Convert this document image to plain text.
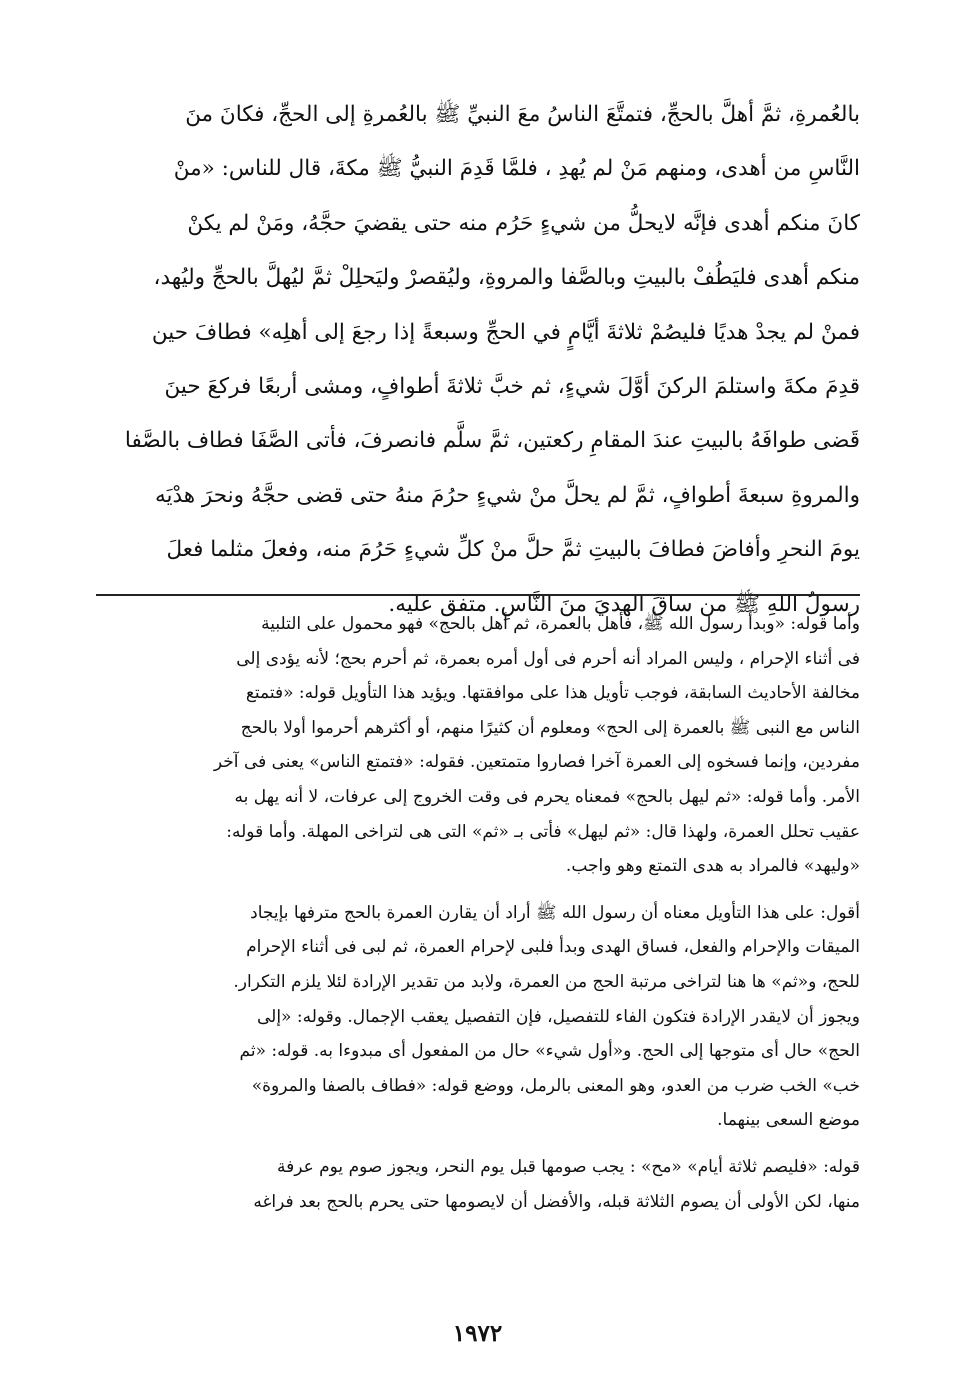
بالعُمرةِ، ثمَّ أهلَّ بالحجِّ، فتمتَّعَ الناسُ معَ النبيِّ ﷺ بالعُمرةِ إلى الحجِّ، فكانَ منَ
النَّاسِ من أهدى، ومنهم مَنْ لم يُهدِ ، فلمَّا قَدِمَ النبيُّ ﷺ مكةَ، قال للناس: «منْ
كانَ منكم أهدى فإنَّه لايحلُّ من شيءٍ حَرُم منه حتى يقضيَ حجَّهُ، ومَنْ لم يكنْ
منكم أهدى فليَطُفْ بالبيتِ وبالصَّفا والمروةِ، وليُقصرْ وليَحلِلْ ثمَّ ليُهلَّ بالحجِّ وليُهد،
فمنْ لم يجدْ هديًا فليصُمْ ثلاثةَ أيَّامٍ في الحجِّ وسبعةً إذا رجعَ إلى أهلِه» فطافَ حين
قدِمَ مكةَ واستلمَ الركنَ أوَّلَ شيءٍ، ثم خبَّ ثلاثةَ أطوافٍ، ومشى أربعًا فركعَ حينَ
قَضى طوافَهُ بالبيتِ عندَ المقامِ ركعتين، ثمَّ سلَّم فانصرفَ، فأتى الصَّفَا فطاف بالصَّفا
والمروةِ سبعةَ أطوافٍ، ثمَّ لم يحلَّ منْ شيءٍ حرُمَ منهُ حتى قضى حجَّهُ ونحرَ هدْيَه
يومَ النحرِ وأفاضَ فطافَ بالبيتِ ثمَّ حلَّ منْ كلِّ شيءٍ حَرُمَ منه، وفعلَ مثلما فعلَ
رسولُ اللهِ ﷺ من ساقَ الهديَ منَ النَّاسِ. متفق عليه.
وأما قوله: «وبدأ رسول الله ﷺ، فأهل بالعمرة، ثم أهل بالحج» فهو محمول على التلبية
فى أثناء الإحرام ، وليس المراد أنه أحرم فى أول أمره بعمرة، ثم أحرم بحج؛ لأنه يؤدى إلى
مخالفة الأحاديث السابقة، فوجب تأويل هذا على موافقتها. ويؤيد هذا التأويل قوله: «فتمتع
الناس مع النبى ﷺ بالعمرة إلى الحج» ومعلوم أن كثيرًا منهم، أو أكثرهم أحرموا أولا بالحج
مفردين، وإنما فسخوه إلى العمرة آخرا فصاروا متمتعين. فقوله: «فتمتع الناس» يعنى فى آخر
الأمر. وأما قوله: «ثم ليهل بالحج» فمعناه يحرم فى وقت الخروج إلى عرفات، لا أنه يهل به
عقيب تحلل العمرة، ولهذا قال: «ثم ليهل» فأتى بـ «ثم» التى هى لتراخى المهلة. وأما قوله:
«وليهد» فالمراد به هدى التمتع وهو واجب.
أقول: على هذا التأويل معناه أن رسول الله ﷺ أراد أن يقارن العمرة بالحج مترفها بإيجاد
الميقات والإحرام والفعل، فساق الهدى وبدأ فلبى لإحرام العمرة، ثم لبى فى أثناء الإحرام
للحج، و«ثم» ها هنا لتراخى مرتبة الحج من العمرة، ولابد من تقدير الإرادة لئلا يلزم التكرار.
ويجوز أن لايقدر الإرادة فتكون الفاء للتفصيل، فإن التفصيل يعقب الإجمال. وقوله: «إلى
الحج» حال أى متوجها إلى الحج. و«أول شيء» حال من المفعول أى مبدوءا به. قوله: «ثم
خب» الخب ضرب من العدو، وهو المعنى بالرمل، ووضع قوله: «فطاف بالصفا والمروة»
موضع السعى بينهما.
قوله: «فليصم ثلاثة أيام» «مح» : يجب صومها قبل يوم النحر، ويجوز صوم يوم عرفة
منها، لكن الأولى أن يصوم الثلاثة قبله، والأفضل أن لايصومها حتى يحرم بالحج بعد فراغه
١٩٧٢
